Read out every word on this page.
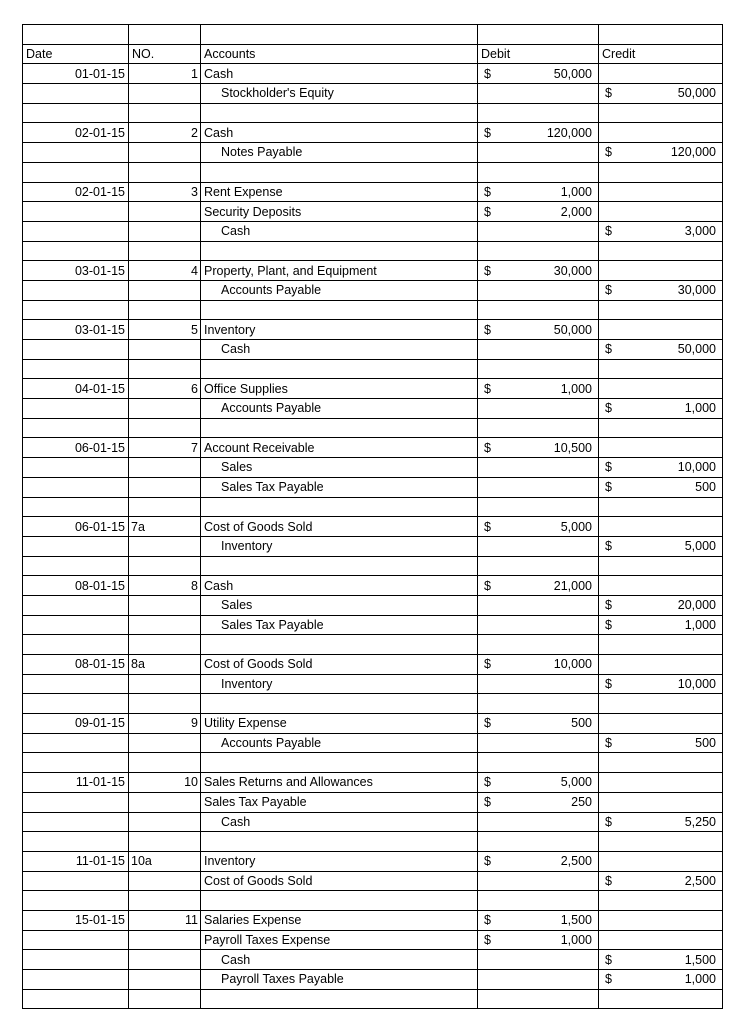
Date	NO.	Accounts	Debit	Credit
01-01-15	1	Cash	$ 50,000	

		Stockholder's Equity		$ 50,000

02-01-15	2	Cash	$ 120,000	

		Notes Payable		$ 120,000

02-01-15	3	Rent Expense	$ 1,000	

		Security Deposits	$ 2,000	

		Cash		$ 3,000

03-01-15	4	Property, Plant, and Equipment	$ 30,000	

		Accounts Payable		$ 30,000

03-01-15	5	Inventory	$ 50,000	

		Cash		$ 50,000

04-01-15	6	Office Supplies	$ 1,000	

		Accounts Payable		$ 1,000

06-01-15	7	Account Receivable	$ 10,500	

		Sales		$ 10,000

		Sales Tax Payable		$ 500

06-01-15	7a	Cost of Goods Sold	$ 5,000	

		Inventory		$ 5,000

08-01-15	8	Cash	$ 21,000	

		Sales		$ 20,000

		Sales Tax Payable		$ 1,000

08-01-15	8a	Cost of Goods Sold	$ 10,000	

		Inventory		$ 10,000

09-01-15	9	Utility Expense	$ 500	

		Accounts Payable		$ 500

11-01-15	10	Sales Returns and Allowances	$ 5,000	

		Sales Tax Payable	$ 250	

		Cash		$ 5,250

11-01-15	10a	Inventory	$ 2,500	

		Cost of Goods Sold		$ 2,500

15-01-15	11	Salaries Expense	$ 1,500	

		Payroll Taxes Expense	$ 1,000	

		Cash		$ 1,500

		Payroll Taxes Payable		$ 1,000
